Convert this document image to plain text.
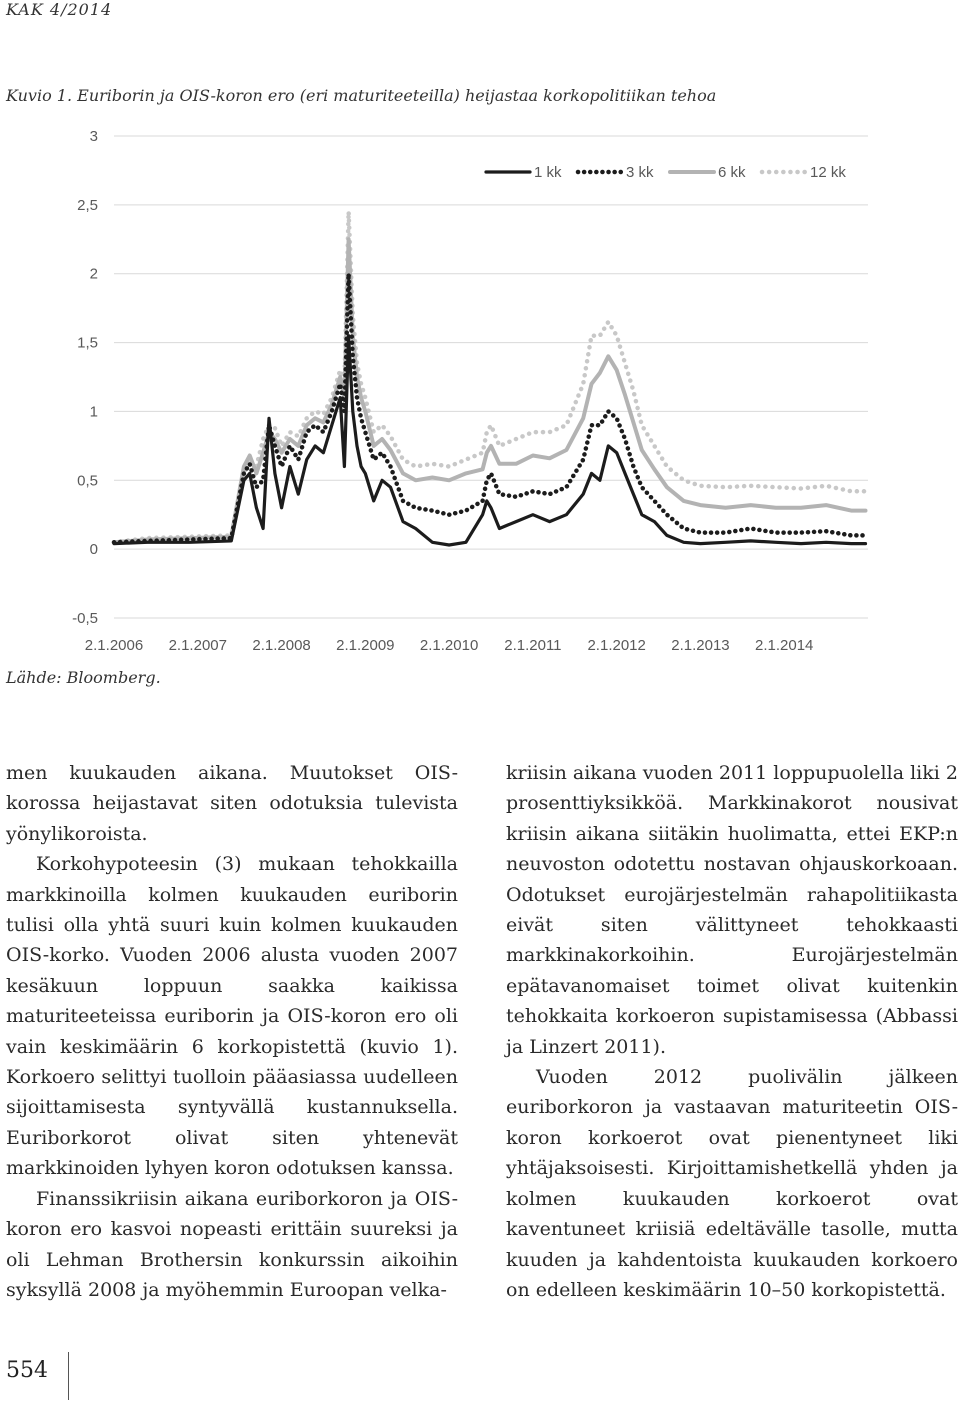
KAK 4/2014
Kuvio 1. Euriborin ja OIS-koron ero (eri maturiteeteilla) heijastaa korkopolitiikan tehoa
3
2,5
2
1,5
1
0,5
0
-0,5
2.1.2006 2.1.2007 2.1.2008 2.1.2009 2.1.2010 2.1.2011 2.1.2012 2.1.2013 2.1.2014
1 kk	3 kk	6 kk	12 kk
Lähde: Bloomberg.

men kuukauden aikana. Muutokset OIS-korossa heijastavat siten odotuksia tulevista yönylikoroista.

Korkohypoteesin (3) mukaan tehokkailla markkinoilla kolmen kuukauden euriborin tulisi olla yhtä suuri kuin kolmen kuukauden OIS-korko. Vuoden 2006 alusta vuoden 2007 kesäkuun loppuun saakka kaikissa maturiteeteissa euriborin ja OIS-koron ero oli vain keskimäärin 6 korkopistettä (kuvio 1). Korkoero selittyi tuolloin pääasiassa uudelleen sijoittamisesta syntyvällä kustannuksella. Euriborkorot olivat siten yhtenevät markkinoiden lyhyen koron odotuksen kanssa.

Finanssikriisin aikana euriborkoron ja OIS-koron ero kasvoi nopeasti erittäin suureksi ja oli Lehman Brothersin konkurssin aikoihin syksyllä 2008 ja myöhemmin Euroopan velka-

kriisin aikana vuoden 2011 loppupuolella liki 2 prosenttiyksikköä. Markkinakorot nousivat kriisin aikana siitäkin huolimatta, ettei EKP:n neuvoston odotettu nostavan ohjauskorkoaan. Odotukset eurojärjestelmän rahapolitiikasta eivät siten välittyneet tehokkaasti markkinakorkoihin. Eurojärjestelmän epätavanomaiset toimet olivat kuitenkin tehokkaita korkoeron supistamisessa (Abbassi ja Linzert 2011).

Vuoden 2012 puolivälin jälkeen euriborkoron ja vastaavan maturiteetin OIS-koron korkoerot ovat pienentyneet liki yhtäjaksoisesti. Kirjoittamishetkellä yhden ja kolmen kuukauden korkoerot ovat kaventuneet kriisiä edeltävälle tasolle, mutta kuuden ja kahdentoista kuukauden korkoero on edelleen keskimäärin 10–50 korkopistettä.

554
